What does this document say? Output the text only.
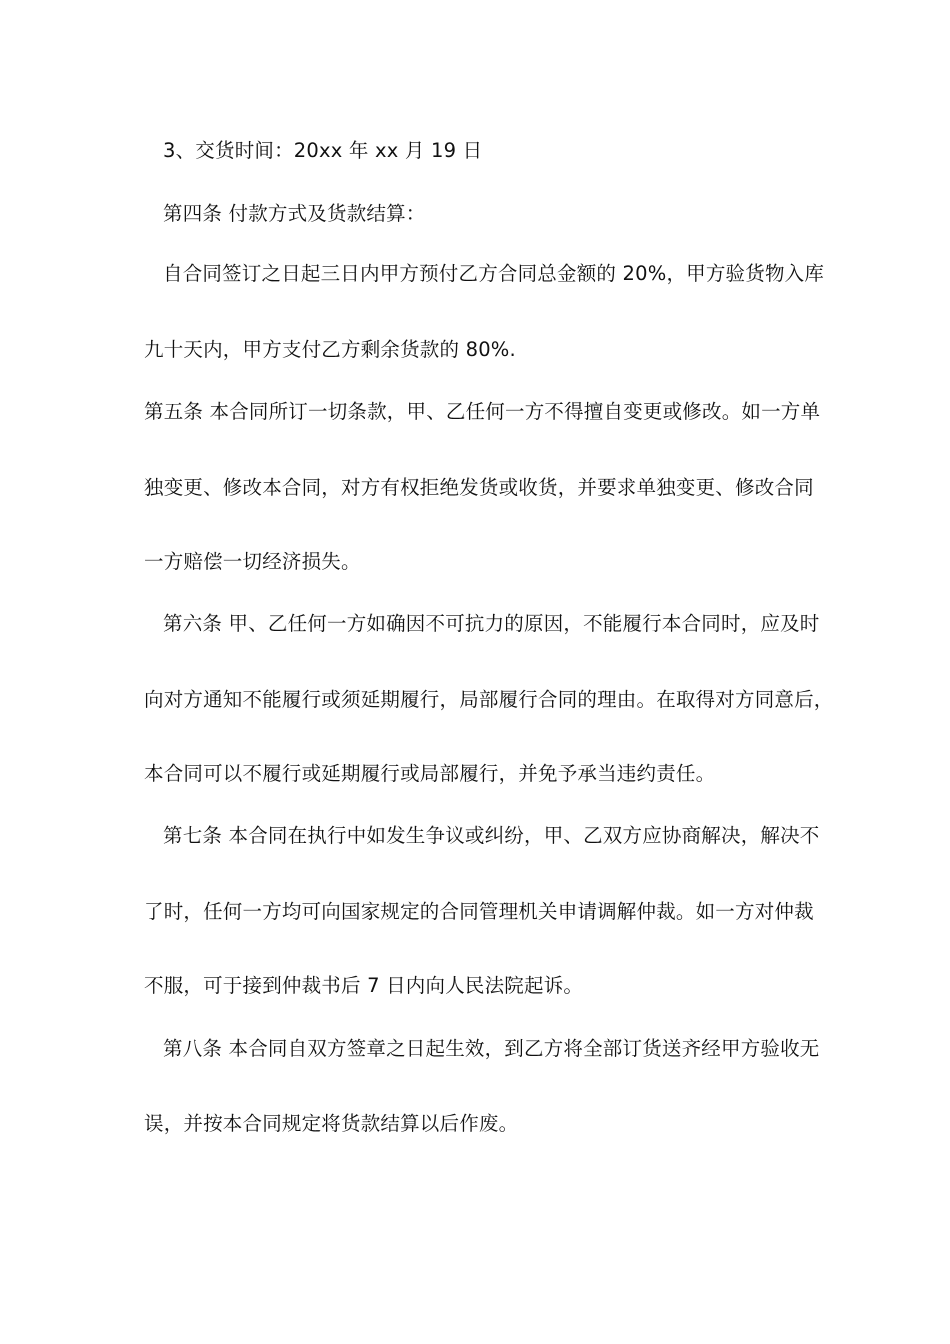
3、交货时间：20xx 年 xx 月 19 日
第四条 付款方式及货款结算：
自合同签订之日起三日内甲方预付乙方合同总金额的 20%，甲方验货物入库
九十天内，甲方支付乙方剩余货款的 80%.
第五条 本合同所订一切条款，甲、乙任何一方不得擅自变更或修改。如一方单
独变更、修改本合同，对方有权拒绝发货或收货，并要求单独变更、修改合同
一方赔偿一切经济损失。
第六条 甲、乙任何一方如确因不可抗力的原因，不能履行本合同时，应及时
向对方通知不能履行或须延期履行，局部履行合同的理由。在取得对方同意后，
本合同可以不履行或延期履行或局部履行，并免予承当违约责任。
第七条 本合同在执行中如发生争议或纠纷，甲、乙双方应协商解决，解决不
了时，任何一方均可向国家规定的合同管理机关申请调解仲裁。如一方对仲裁
不服，可于接到仲裁书后 7 日内向人民法院起诉。
第八条 本合同自双方签章之日起生效，到乙方将全部订货送齐经甲方验收无
误，并按本合同规定将货款结算以后作废。
